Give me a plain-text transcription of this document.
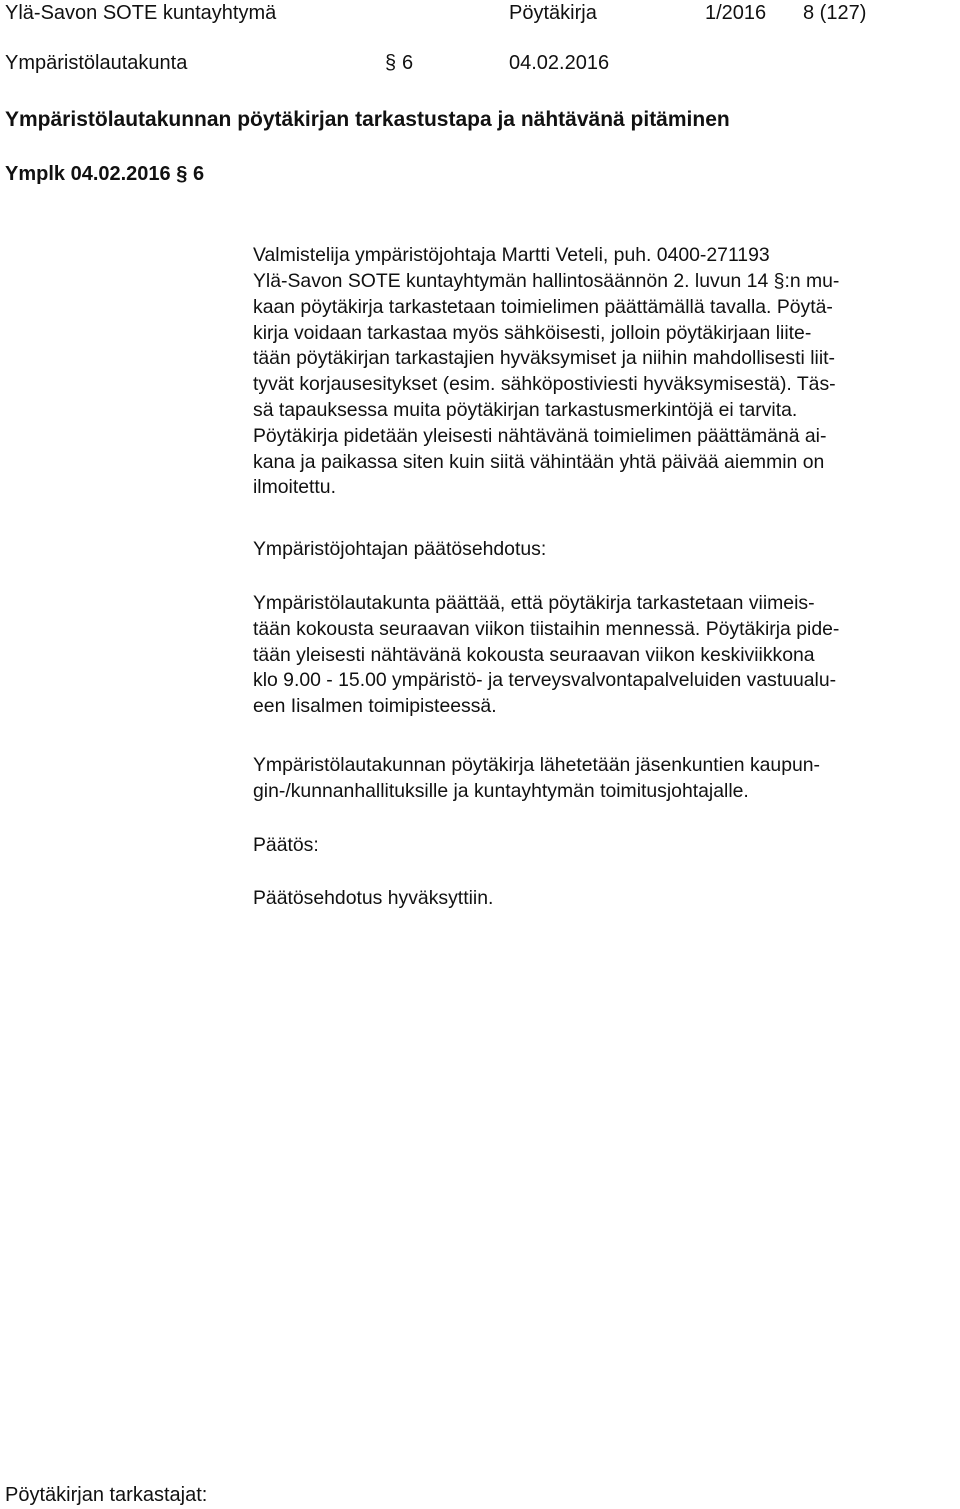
Ylä-Savon SOTE kuntayhtymä	Pöytäkirja	1/2016 8 (127)
Ympäristölautakunta	§ 6	04.02.2016
Ympäristölautakunnan pöytäkirjan tarkastustapa ja nähtävänä pitäminen
Ymplk 04.02.2016 § 6
Valmistelija ympäristöjohtaja Martti Veteli, puh. 0400-271193
Ylä-Savon SOTE kuntayhtymän hallintosäännön 2. luvun 14 §:n mu-
kaan pöytäkirja tarkastetaan toimielimen päättämällä tavalla. Pöytä-
kirja voidaan tarkastaa myös sähköisesti, jolloin pöytäkirjaan liite-
tään pöytäkirjan tarkastajien hyväksymiset ja niihin mahdollisesti liit-
tyvät korjausesitykset (esim. sähköpostiviesti hyväksymisestä). Täs-
sä tapauksessa muita pöytäkirjan tarkastusmerkintöjä ei tarvita.
Pöytäkirja pidetään yleisesti nähtävänä toimielimen päättämänä ai-
kana ja paikassa siten kuin siitä vähintään yhtä päivää aiemmin on
ilmoitettu.
Ympäristöjohtajan päätösehdotus:
Ympäristölautakunta päättää, että pöytäkirja tarkastetaan viimeis-
tään kokousta seuraavan viikon tiistaihin mennessä. Pöytäkirja pide-
tään yleisesti nähtävänä kokousta seuraavan viikon keskiviikkona
klo 9.00 - 15.00 ympäristö- ja terveysvalvontapalveluiden vastuualu-
een Iisalmen toimipisteessä.
Ympäristölautakunnan pöytäkirja lähetetään jäsenkuntien kaupun-
gin-/kunnanhallituksille ja kuntayhtymän toimitusjohtajalle.
Päätös:
Päätösehdotus hyväksyttiin.
Pöytäkirjan tarkastajat:
